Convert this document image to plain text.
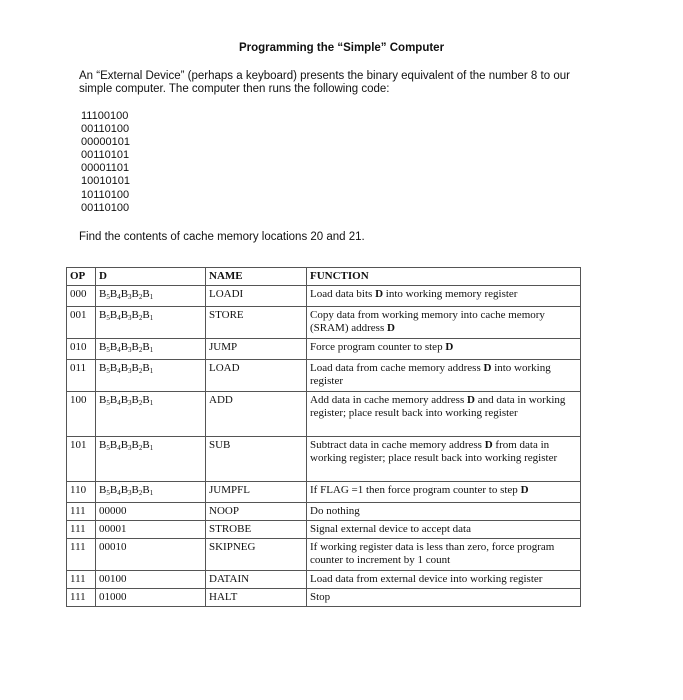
Programming the “Simple” Computer
An “External Device” (perhaps a keyboard) presents the binary equivalent of the number 8 to our simple computer. The computer then runs the following code:
11100100
00110100
00000101
00110101
00001101
10010101
10110100
00110100
Find the contents of cache memory locations 20 and 21.
OP	D	NAME	FUNCTION
000	$B_5B_4B_3B_2B_1$	LOADI	Load data bits D into working memory register
001	$B_5B_4B_3B_2B_1$	STORE	Copy data from working memory into cache memory (SRAM) address D
010	$B_5B_4B_3B_2B_1$	JUMP	Force program counter to step D
011	$B_5B_4B_3B_2B_1$	LOAD	Load data from cache memory address D into working register
100	$B_5B_4B_3B_2B_1$	ADD	Add data in cache memory address D and data in working register; place result back into working register
101	$B_5B_4B_3B_2B_1$	SUB	Subtract data in cache memory address D from data in working register; place result back into working register
110	$B_5B_4B_3B_2B_1$	JUMPFL	If FLAG =1 then force program counter to step D
111	00000	NOOP	Do nothing
111	00001	STROBE	Signal external device to accept data
111	00010	SKIPNEG	If working register data is less than zero, force program counter to increment by 1 count
111	00100	DATAIN	Load data from external device into working register
111	01000	HALT	Stop
